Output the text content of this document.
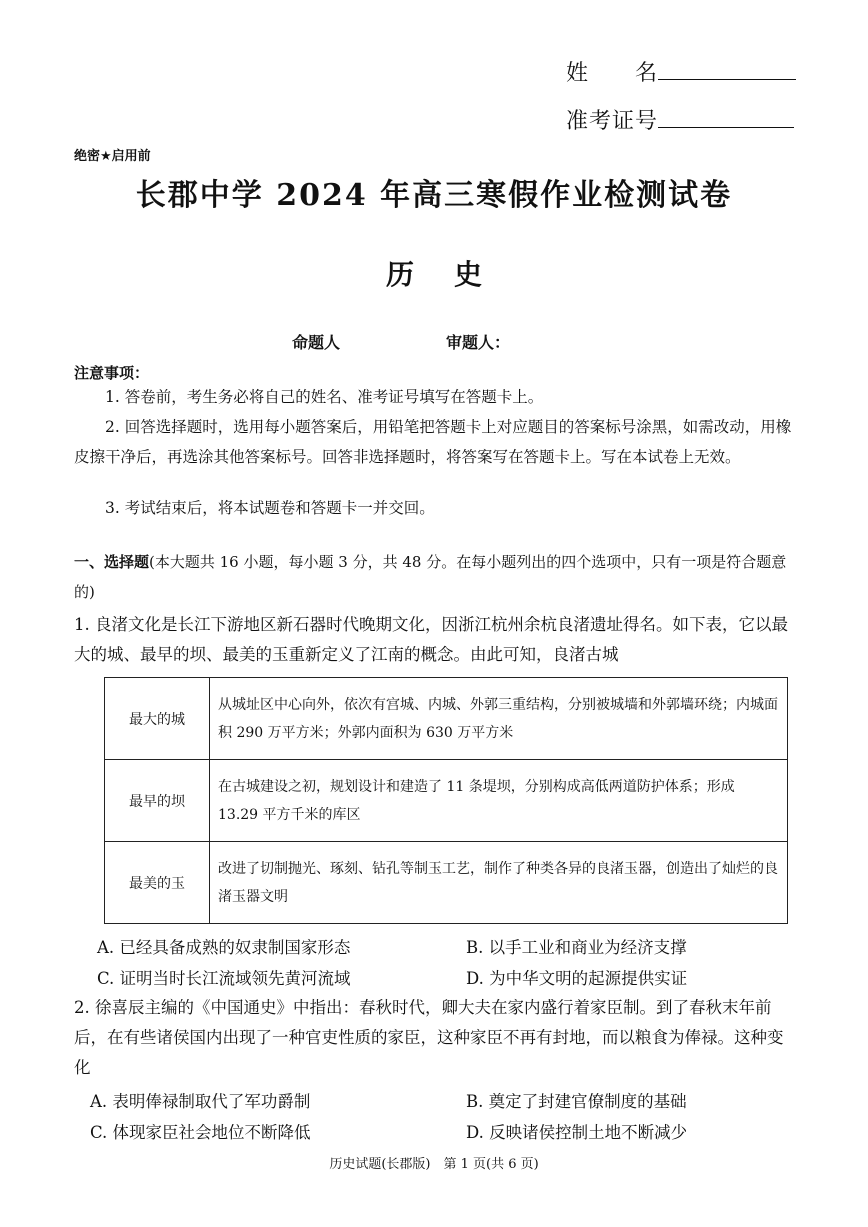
姓　　名
准考证号
绝密★启用前
长郡中学 2024 年高三寒假作业检测试卷
历史
命题人	审题人：
注意事项：
1. 答卷前，考生务必将自己的姓名、准考证号填写在答题卡上。
2. 回答选择题时，选用每小题答案后，用铅笔把答题卡上对应题目的答案标号涂黑，如需改动，用橡皮擦干净后，再选涂其他答案标号。回答非选择题时，将答案写在答题卡上。写在本试卷上无效。
3. 考试结束后，将本试题卷和答题卡一并交回。
一、选择题(本大题共 16 小题，每小题 3 分，共 48 分。在每小题列出的四个选项中，只有一项是符合题意的)
1. 良渚文化是长江下游地区新石器时代晚期文化，因浙江杭州余杭良渚遗址得名。如下表，它以最大的城、最早的坝、最美的玉重新定义了江南的概念。由此可知，良渚古城
最大的城	从城址区中心向外，依次有宫城、内城、外郭三重结构，分别被城墙和外郭墙环绕；内城面积 290 万平方米；外郭内面积为 630 万平方米
最早的坝	在古城建设之初，规划设计和建造了 11 条堤坝，分别构成高低两道防护体系；形成 13.29 平方千米的库区
最美的玉	改进了切制抛光、琢刻、钻孔等制玉工艺，制作了种类各异的良渚玉器，创造出了灿烂的良渚玉器文明
A. 已经具备成熟的奴隶制国家形态	B. 以手工业和商业为经济支撑
C. 证明当时长江流域领先黄河流域	D. 为中华文明的起源提供实证
2. 徐喜辰主编的《中国通史》中指出：春秋时代，卿大夫在家内盛行着家臣制。到了春秋末年前后，在有些诸侯国内出现了一种官吏性质的家臣，这种家臣不再有封地，而以粮食为俸禄。这种变化
A. 表明俸禄制取代了军功爵制	B. 奠定了封建官僚制度的基础
C. 体现家臣社会地位不断降低	D. 反映诸侯控制土地不断减少
历史试题(长郡版)　第 1 页(共 6 页)
